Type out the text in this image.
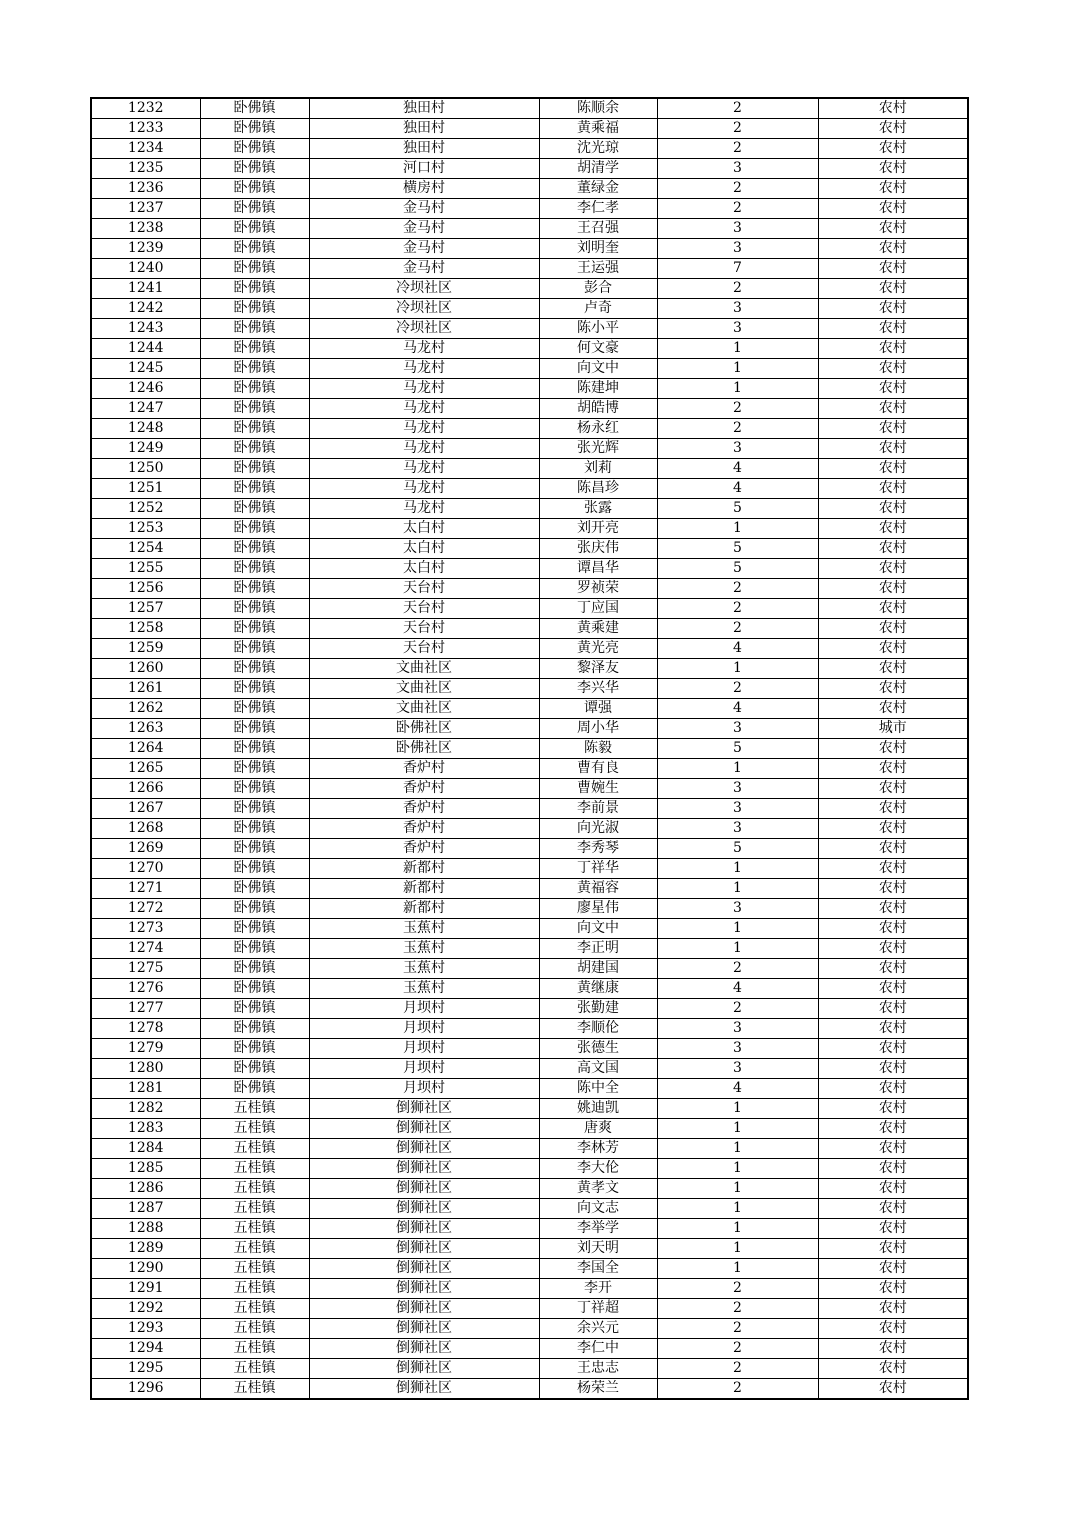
1232	卧佛镇	独田村	陈顺余	2	农村
1233	卧佛镇	独田村	黄乘福	2	农村
1234	卧佛镇	独田村	沈光琼	2	农村
1235	卧佛镇	河口村	胡清学	3	农村
1236	卧佛镇	横房村	董绿金	2	农村
1237	卧佛镇	金马村	李仁孝	2	农村
1238	卧佛镇	金马村	王召强	3	农村
1239	卧佛镇	金马村	刘明奎	3	农村
1240	卧佛镇	金马村	王运强	7	农村
1241	卧佛镇	冷坝社区	彭合	2	农村
1242	卧佛镇	冷坝社区	卢奇	3	农村
1243	卧佛镇	冷坝社区	陈小平	3	农村
1244	卧佛镇	马龙村	何文豪	1	农村
1245	卧佛镇	马龙村	向文中	1	农村
1246	卧佛镇	马龙村	陈建坤	1	农村
1247	卧佛镇	马龙村	胡皓博	2	农村
1248	卧佛镇	马龙村	杨永红	2	农村
1249	卧佛镇	马龙村	张光辉	3	农村
1250	卧佛镇	马龙村	刘莉	4	农村
1251	卧佛镇	马龙村	陈昌珍	4	农村
1252	卧佛镇	马龙村	张露	5	农村
1253	卧佛镇	太白村	刘开亮	1	农村
1254	卧佛镇	太白村	张庆伟	5	农村
1255	卧佛镇	太白村	谭昌华	5	农村
1256	卧佛镇	天台村	罗祯荣	2	农村
1257	卧佛镇	天台村	丁应国	2	农村
1258	卧佛镇	天台村	黄乘建	2	农村
1259	卧佛镇	天台村	黄光亮	4	农村
1260	卧佛镇	文曲社区	黎泽友	1	农村
1261	卧佛镇	文曲社区	李兴华	2	农村
1262	卧佛镇	文曲社区	谭强	4	农村
1263	卧佛镇	卧佛社区	周小华	3	城市
1264	卧佛镇	卧佛社区	陈毅	5	农村
1265	卧佛镇	香炉村	曹有良	1	农村
1266	卧佛镇	香炉村	曹婉生	3	农村
1267	卧佛镇	香炉村	李前景	3	农村
1268	卧佛镇	香炉村	向光淑	3	农村
1269	卧佛镇	香炉村	李秀琴	5	农村
1270	卧佛镇	新都村	丁祥华	1	农村
1271	卧佛镇	新都村	黄福容	1	农村
1272	卧佛镇	新都村	廖星伟	3	农村
1273	卧佛镇	玉蕉村	向文中	1	农村
1274	卧佛镇	玉蕉村	李正明	1	农村
1275	卧佛镇	玉蕉村	胡建国	2	农村
1276	卧佛镇	玉蕉村	黄继康	4	农村
1277	卧佛镇	月坝村	张勤建	2	农村
1278	卧佛镇	月坝村	李顺伦	3	农村
1279	卧佛镇	月坝村	张德生	3	农村
1280	卧佛镇	月坝村	高文国	3	农村
1281	卧佛镇	月坝村	陈中全	4	农村
1282	五桂镇	倒狮社区	姚迪凯	1	农村
1283	五桂镇	倒狮社区	唐爽	1	农村
1284	五桂镇	倒狮社区	李林芳	1	农村
1285	五桂镇	倒狮社区	李大伦	1	农村
1286	五桂镇	倒狮社区	黄孝文	1	农村
1287	五桂镇	倒狮社区	向文志	1	农村
1288	五桂镇	倒狮社区	李举学	1	农村
1289	五桂镇	倒狮社区	刘天明	1	农村
1290	五桂镇	倒狮社区	李国全	1	农村
1291	五桂镇	倒狮社区	李开	2	农村
1292	五桂镇	倒狮社区	丁祥超	2	农村
1293	五桂镇	倒狮社区	余兴元	2	农村
1294	五桂镇	倒狮社区	李仁中	2	农村
1295	五桂镇	倒狮社区	王忠志	2	农村
1296	五桂镇	倒狮社区	杨荣兰	2	农村
